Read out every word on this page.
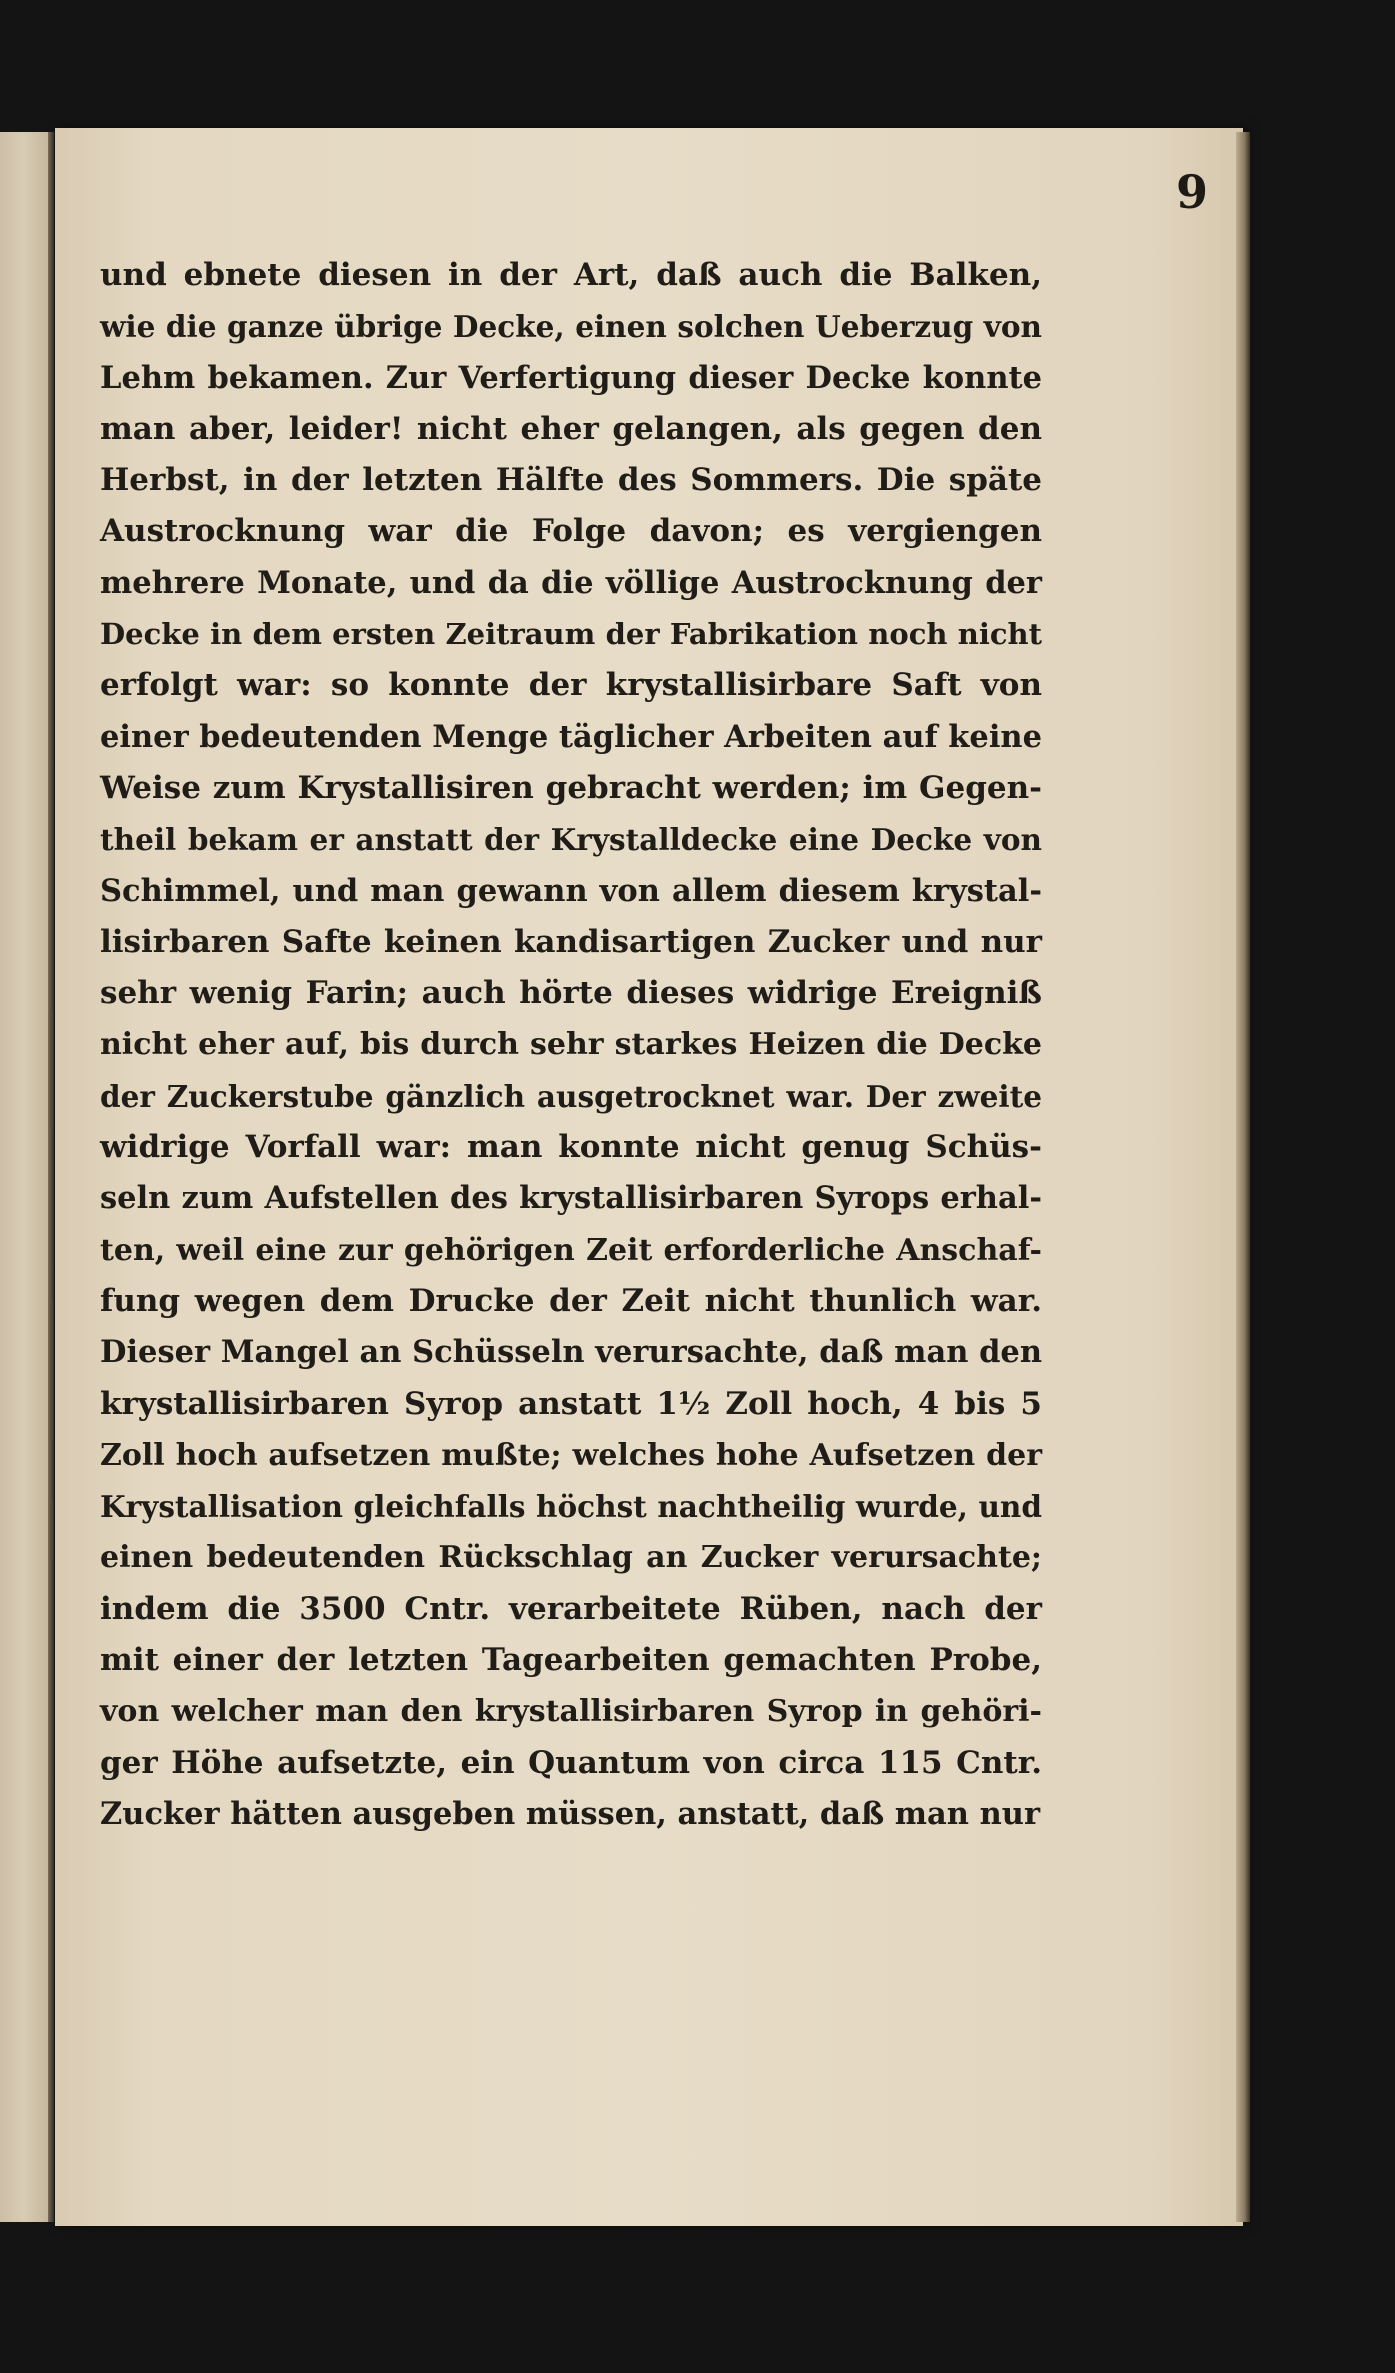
9

und ebnete diesen in der Art, daß auch die Balken,
wie die ganze übrige Decke, einen solchen Ueberzug von
Lehm bekamen. Zur Verfertigung dieser Decke konnte
man aber, leider! nicht eher gelangen, als gegen den
Herbst, in der letzten Hälfte des Sommers. Die späte
Austrocknung war die Folge davon; es vergiengen
mehrere Monate, und da die völlige Austrocknung der
Decke in dem ersten Zeitraum der Fabrikation noch nicht
erfolgt war: so konnte der krystallisirbare Saft von
einer bedeutenden Menge täglicher Arbeiten auf keine
Weise zum Krystallisiren gebracht werden; im Gegen-
theil bekam er anstatt der Krystalldecke eine Decke von
Schimmel, und man gewann von allem diesem krystal-
lisirbaren Safte keinen kandisartigen Zucker und nur
sehr wenig Farin; auch hörte dieses widrige Ereigniß
nicht eher auf, bis durch sehr starkes Heizen die Decke
der Zuckerstube gänzlich ausgetrocknet war. Der zweite
widrige Vorfall war: man konnte nicht genug Schüs-
seln zum Aufstellen des krystallisirbaren Syrops erhal-
ten, weil eine zur gehörigen Zeit erforderliche Anschaf-
fung wegen dem Drucke der Zeit nicht thunlich war.
Dieser Mangel an Schüsseln verursachte, daß man den
krystallisirbaren Syrop anstatt 1½ Zoll hoch, 4 bis 5
Zoll hoch aufsetzen mußte; welches hohe Aufsetzen der
Krystallisation gleichfalls höchst nachtheilig wurde, und
einen bedeutenden Rückschlag an Zucker verursachte;
indem die 3500 Cntr. verarbeitete Rüben, nach der
mit einer der letzten Tagearbeiten gemachten Probe,
von welcher man den krystallisirbaren Syrop in gehöri-
ger Höhe aufsetzte, ein Quantum von circa 115 Cntr.
Zucker hätten ausgeben müssen, anstatt, daß man nur
